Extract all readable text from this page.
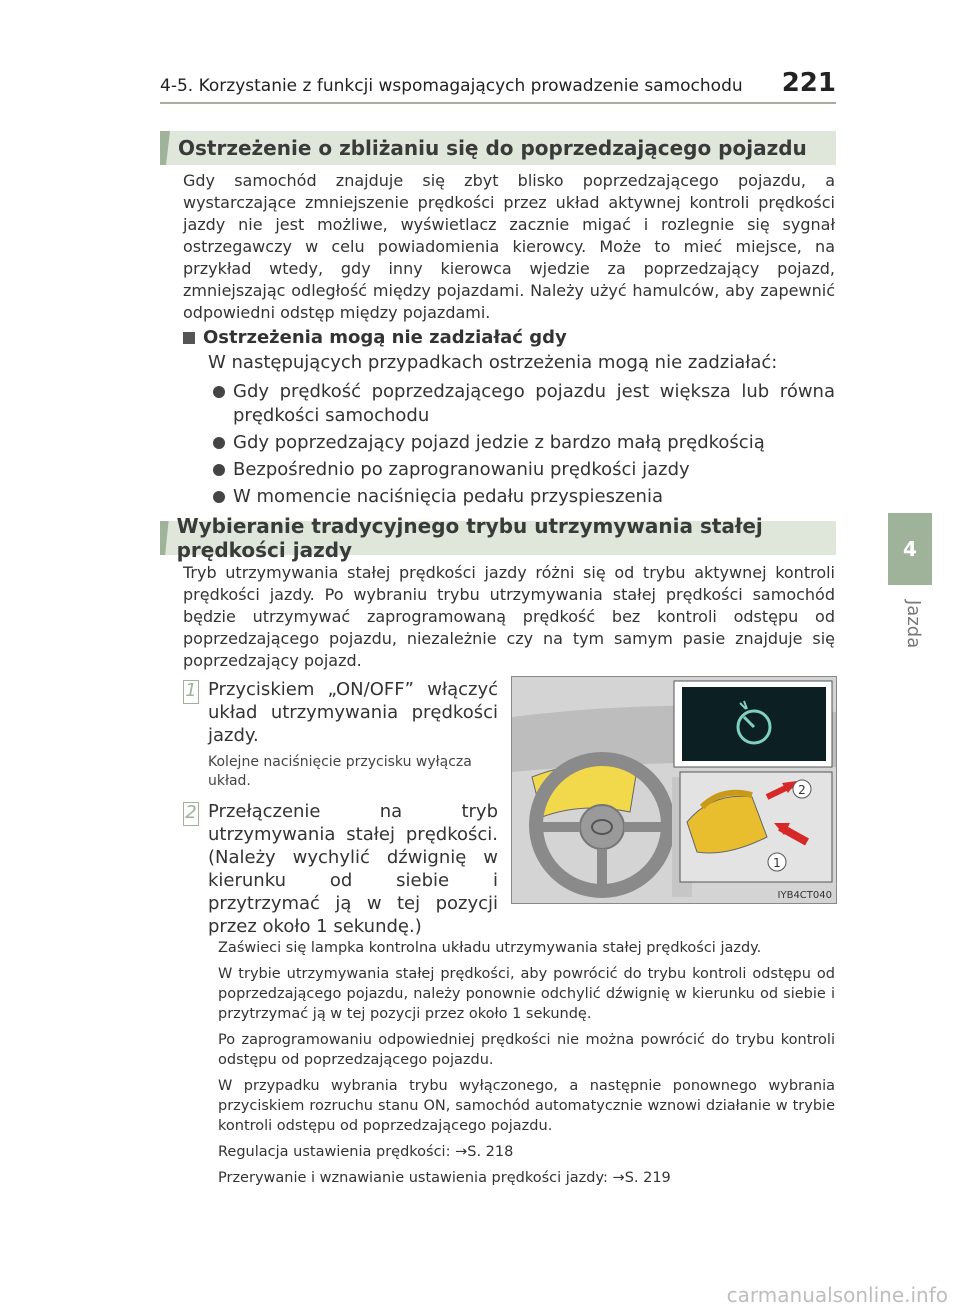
4-5. Korzystanie z funkcji wspomagających prowadzenie samochodu 221
4
Jazda
Ostrzeżenie o zbliżaniu się do poprzedzającego pojazdu
Gdy samochód znajduje się zbyt blisko poprzedzającego pojazdu, a wystarczające zmniejszenie prędkości przez układ aktywnej kontroli prędkości jazdy nie jest możliwe, wyświetlacz zacznie migać i rozlegnie się sygnał ostrzegawczy w celu powiadomienia kierowcy. Może to mieć miejsce, na przykład wtedy, gdy inny kierowca wjedzie za poprzedzający pojazd, zmniejszając odległość między pojazdami. Należy użyć hamulców, aby zapewnić odpowiedni odstęp między pojazdami.
Ostrzeżenia mogą nie zadziałać gdy
W następujących przypadkach ostrzeżenia mogą nie zadziałać:
Gdy prędkość poprzedzającego pojazdu jest większa lub równa prędkości samochodu
Gdy poprzedzający pojazd jedzie z bardzo małą prędkością
Bezpośrednio po zaprogranowaniu prędkości jazdy
W momencie naciśnięcia pedału przyspieszenia
Wybieranie tradycyjnego trybu utrzymywania stałej prędkości jazdy
Tryb utrzymywania stałej prędkości jazdy różni się od trybu aktywnej kontroli prędkości jazdy. Po wybraniu trybu utrzymywania stałej prędkości samochód będzie utrzymywać zaprogramowaną prędkość bez kontroli odstępu od poprzedzającego pojazdu, niezależnie czy na tym samym pasie znajduje się poprzedzający pojazd.
1 Przyciskiem „ON/OFF” włączyć układ utrzymywania prędkości jazdy.
Kolejne naciśnięcie przycisku wyłącza układ.
2 Przełączenie na tryb utrzymywania stałej prędkości. (Należy wychylić dźwignię w kierunku od siebie i przytrzymać ją w tej pozycji przez około 1 sekundę.)
2
1
IYB4CT040

Zaświeci się lampka kontrolna układu utrzymywania stałej prędkości jazdy.

W trybie utrzymywania stałej prędkości, aby powrócić do trybu kontroli odstępu od poprzedzającego pojazdu, należy ponownie odchylić dźwignię w kierunku od siebie i przytrzymać ją w tej pozycji przez około 1 sekundę.

Po zaprogramowaniu odpowiedniej prędkości nie można powrócić do trybu kontroli odstępu od poprzedzającego pojazdu.

W przypadku wybrania trybu wyłączonego, a następnie ponownego wybrania przyciskiem rozruchu stanu ON, samochód automatycznie wznowi działanie w trybie kontroli odstępu od poprzedzającego pojazdu.

Regulacja ustawienia prędkości: →S. 218

Przerywanie i wznawianie ustawienia prędkości jazdy: →S. 219

carmanualsonline.info
